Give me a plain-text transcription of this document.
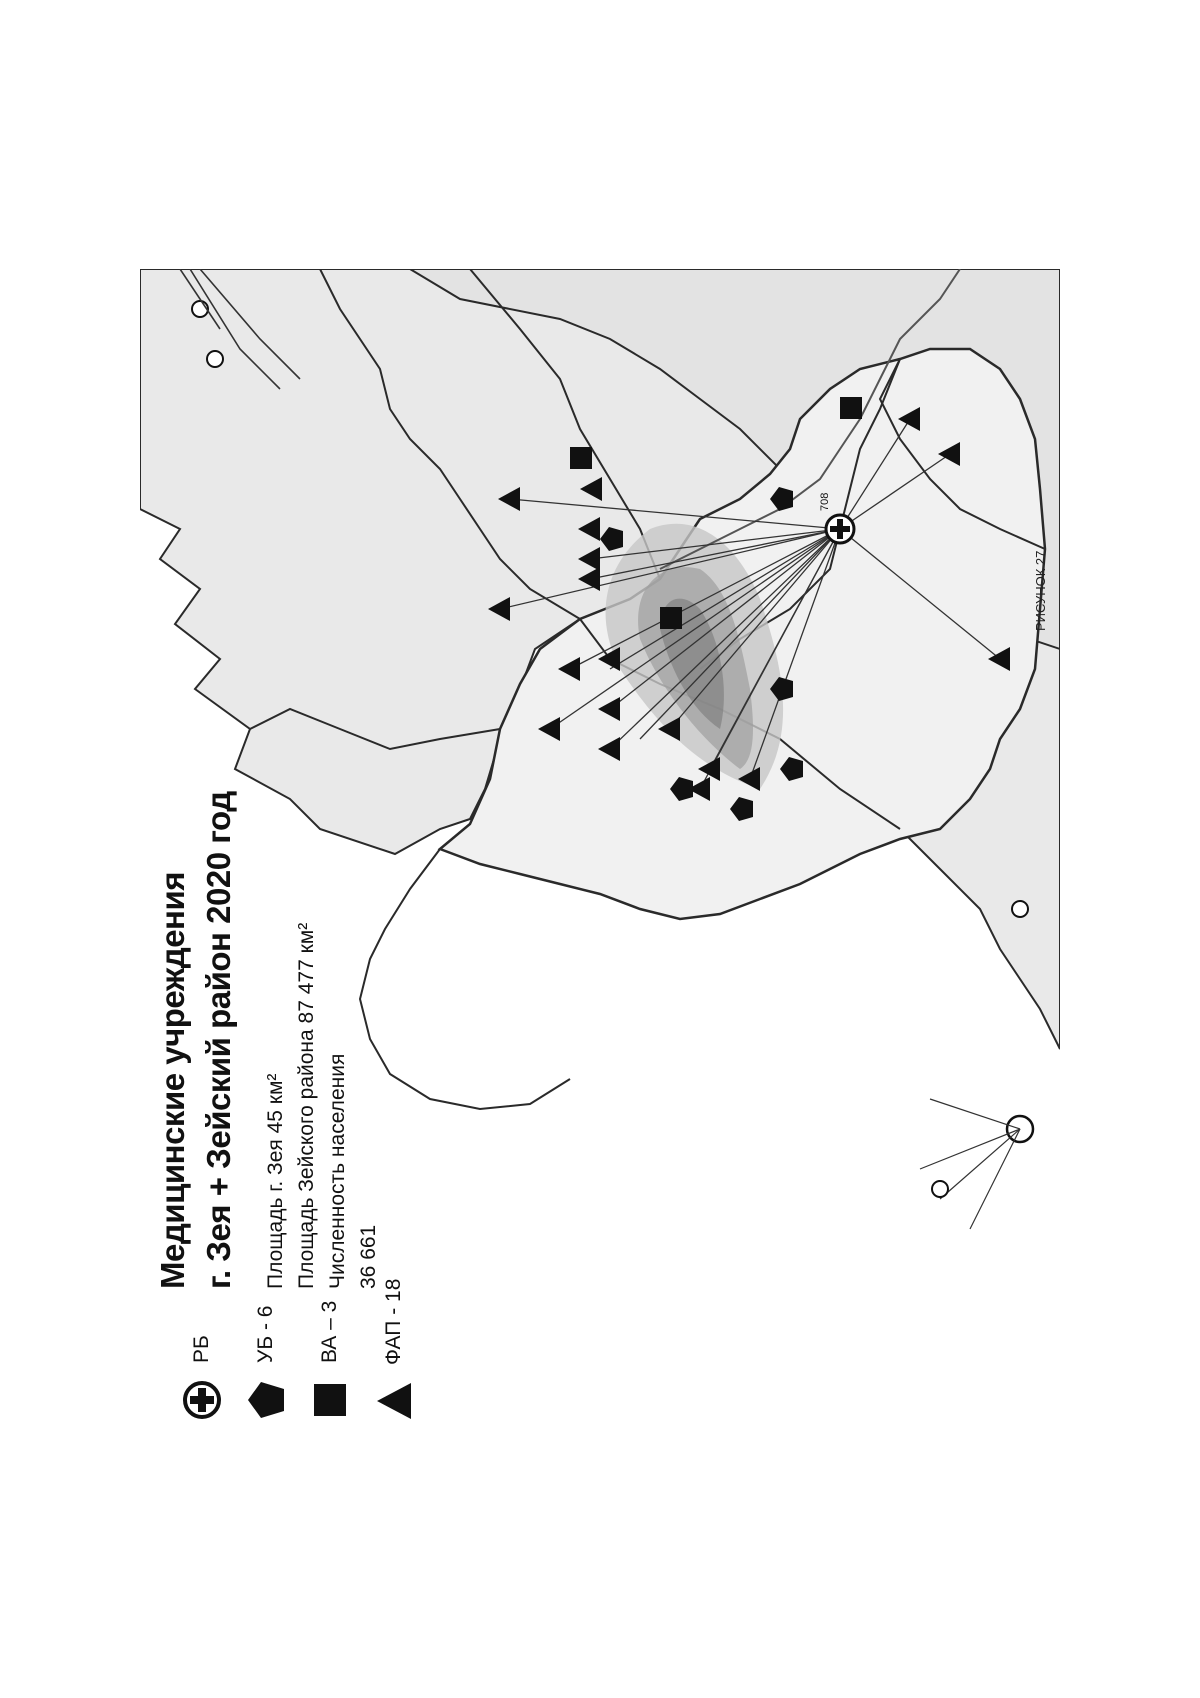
708
Медицинские учреждения г. Зея + Зейский район 2020 год Площадь г. Зея 45 км² Площадь Зейского района 87 477 км² Численность населения 36 661
РБ УБ - 6 ВА – 3 ФАП - 18
РИСУНОК 27
